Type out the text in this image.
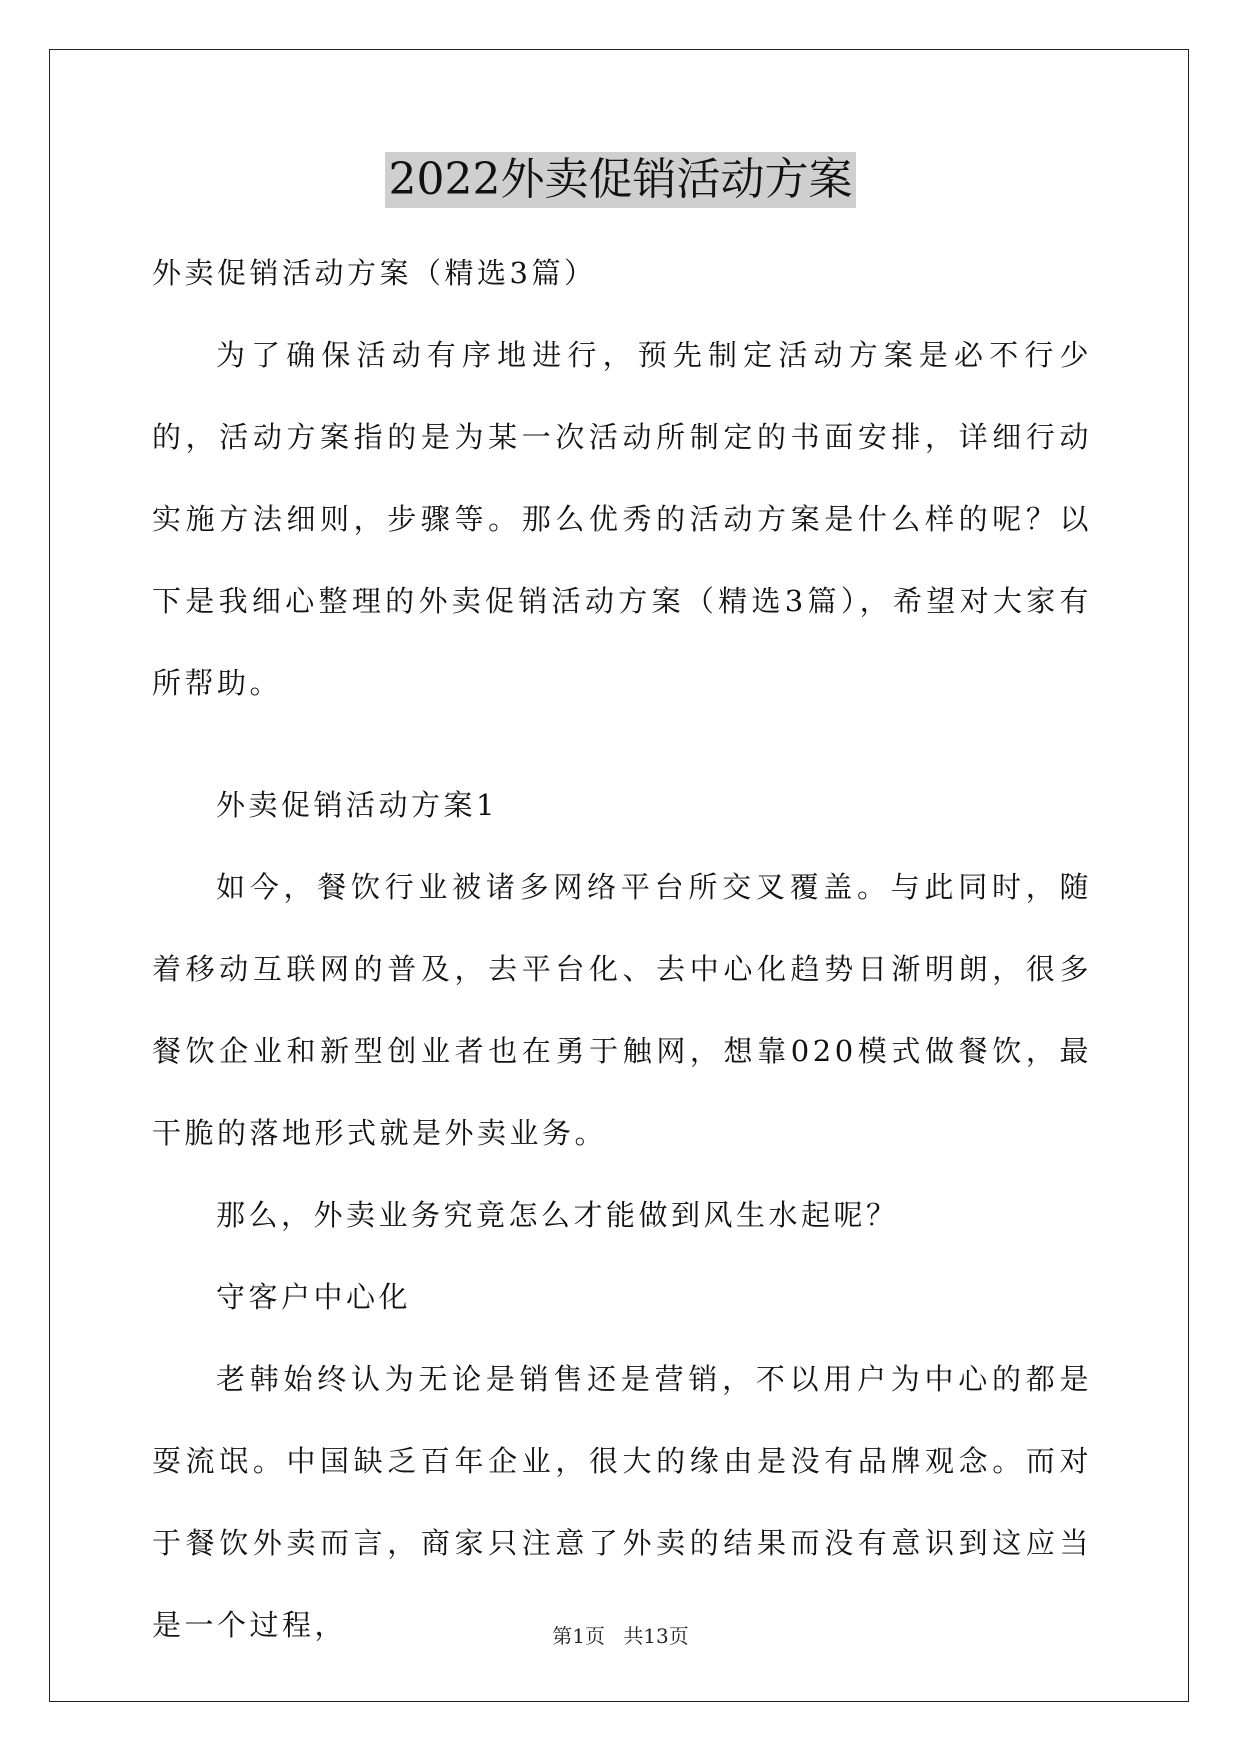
2022外卖促销活动方案

外卖促销活动方案（精选3篇）

为了确保活动有序地进行，预先制定活动方案是必不行少的，活动方案指的是为某一次活动所制定的书面安排，详细行动实施方法细则，步骤等。那么优秀的活动方案是什么样的呢？以下是我细心整理的外卖促销活动方案（精选3篇），希望对大家有所帮助。

外卖促销活动方案1

如今，餐饮行业被诸多网络平台所交叉覆盖。与此同时，随着移动互联网的普及，去平台化、去中心化趋势日渐明朗，很多餐饮企业和新型创业者也在勇于触网，想靠020模式做餐饮，最干脆的落地形式就是外卖业务。

那么，外卖业务究竟怎么才能做到风生水起呢？

守客户中心化

老韩始终认为无论是销售还是营销，不以用户为中心的都是耍流氓。中国缺乏百年企业，很大的缘由是没有品牌观念。而对于餐饮外卖而言，商家只注意了外卖的结果而没有意识到这应当是一个过程，	第1页 共13页
